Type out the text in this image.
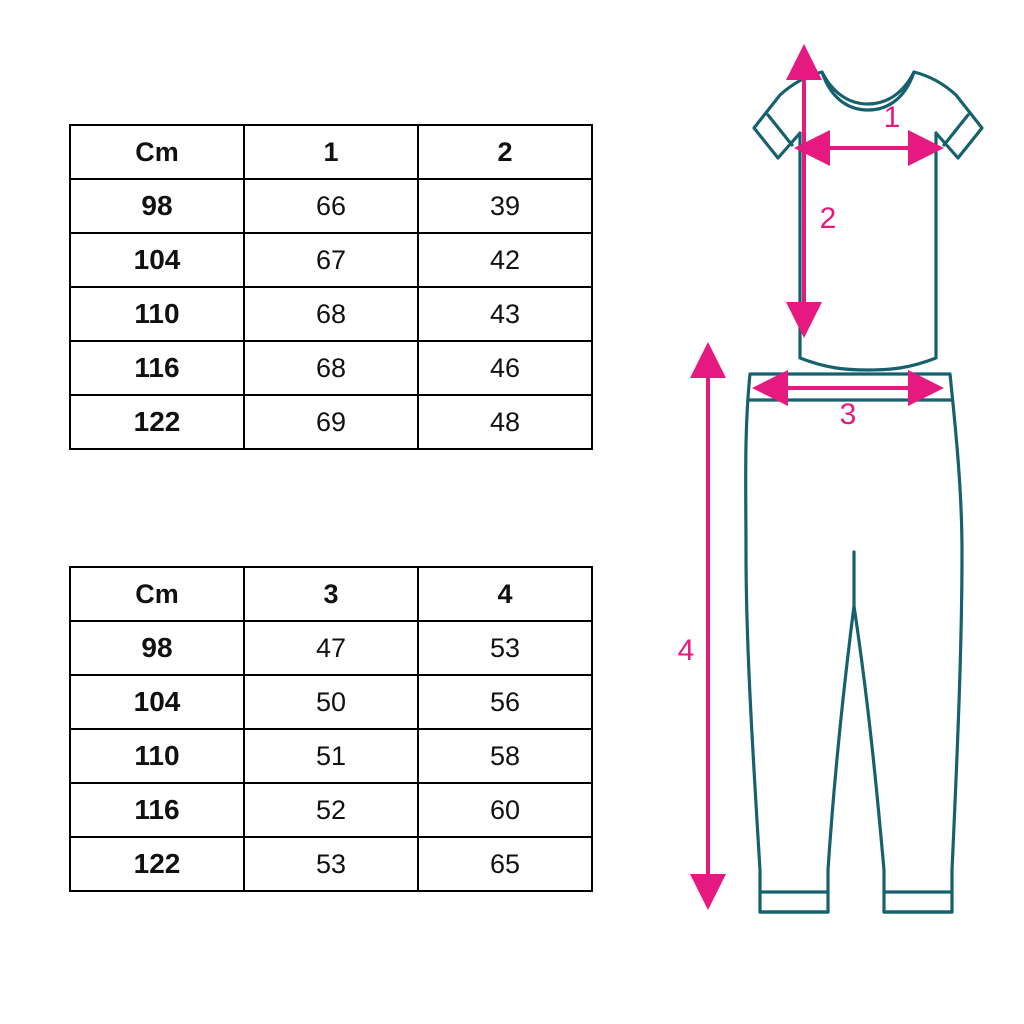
Cm	1	2
98	66	39
104	67	42
110	68	43
116	68	46
122	69	48
Cm	3	4
98	47	53
104	50	56
110	51	58
116	52	60
122	53	65
1
2
3
4
